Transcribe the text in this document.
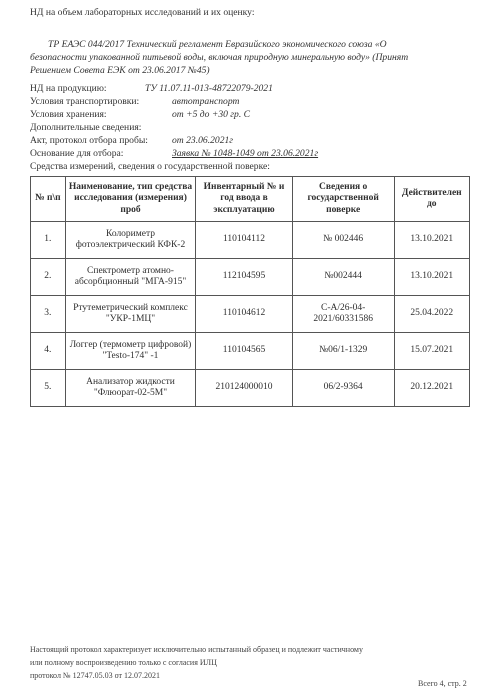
НД на объем лабораторных исследований и их оценку:
ТР ЕАЭС 044/2017 Технический регламент Евразийского экономического союза «О
безопасности упакованной питьевой воды, включая природную минеральную воду» (Принят
Решением Совета ЕЭК от 23.06.2017 №45)
НД на продукцию:	ТУ 11.07.11-013-48722079-2021
Условия транспортировки:	автотранспорт
Условия хранения:	от +5 до +30 гр. С
Дополнительные сведения:
Акт, протокол отбора пробы:	от 23.06.2021г
Основание для отбора:	Заявка № 1048-1049 от 23.06.2021г
Средства измерений, сведения о государственной поверке:
№ п\п	Наименование, тип средства исследования (измерения) проб	Инвентарный № и год ввода в эксплуатацию	Сведения о государственной поверке	Действителен до
1.	Колориметр фотоэлектрический КФК-2	110104112	№ 002446	13.10.2021
2.	Спектрометр атомно-абсорбционный "МГА-915"	112104595	№002444	13.10.2021
3.	Ртутеметрический комплекс "УКР-1МЦ"	110104612	С-А/26-04-2021/60331586	25.04.2022
4.	Логгер (термометр цифровой) "Testo-174" -1	110104565	№06/1-1329	15.07.2021
5.	Анализатор жидкости "Флюорат-02-5М"	210124000010	06/2-9364	20.12.2021
Настоящий протокол характеризует исключительно испытанный образец и подлежит частичному
или полному воспроизведению только с согласия ИЛЦ
протокол № 12747.05.03 от 12.07.2021
Всего 4, стр. 2
